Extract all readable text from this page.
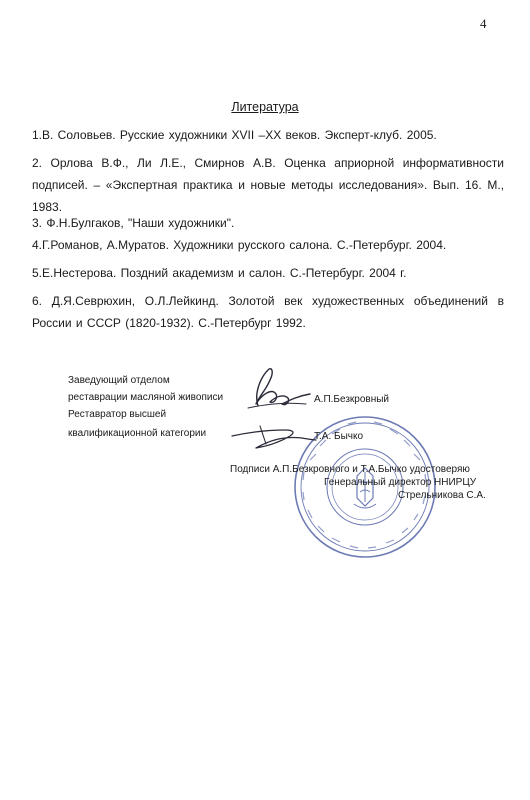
4
Литература
1.В. Соловьев. Русские художники XVII –XX веков. Эксперт-клуб. 2005.
2. Орлова В.Ф., Ли Л.Е., Смирнов А.В. Оценка априорной информативности подписей. – «Экспертная практика и новые методы исследования». Вып. 16. М., 1983.
3. Ф.Н.Булгаков, "Наши художники".
4.Г.Романов, А.Муратов. Художники русского салона. С.-Петербург. 2004.
5.Е.Нестерова. Поздний академизм и салон. С.-Петербург. 2004 г.
6. Д.Я.Севрюхин, О.Л.Лейкинд. Золотой век художественных объединений в России и СССР (1820-1932). С.-Петербург 1992.
Заведующий отделом
реставрации масляной живописи	А.П.Безкровный
Реставратор высшей
квалификационной категории	Т.А. Бычко
Подписи А.П.Безкровного и Т.А.Бычко удостоверяю
Генеральный директор ННИРЦУ
Стрельникова С.А.
